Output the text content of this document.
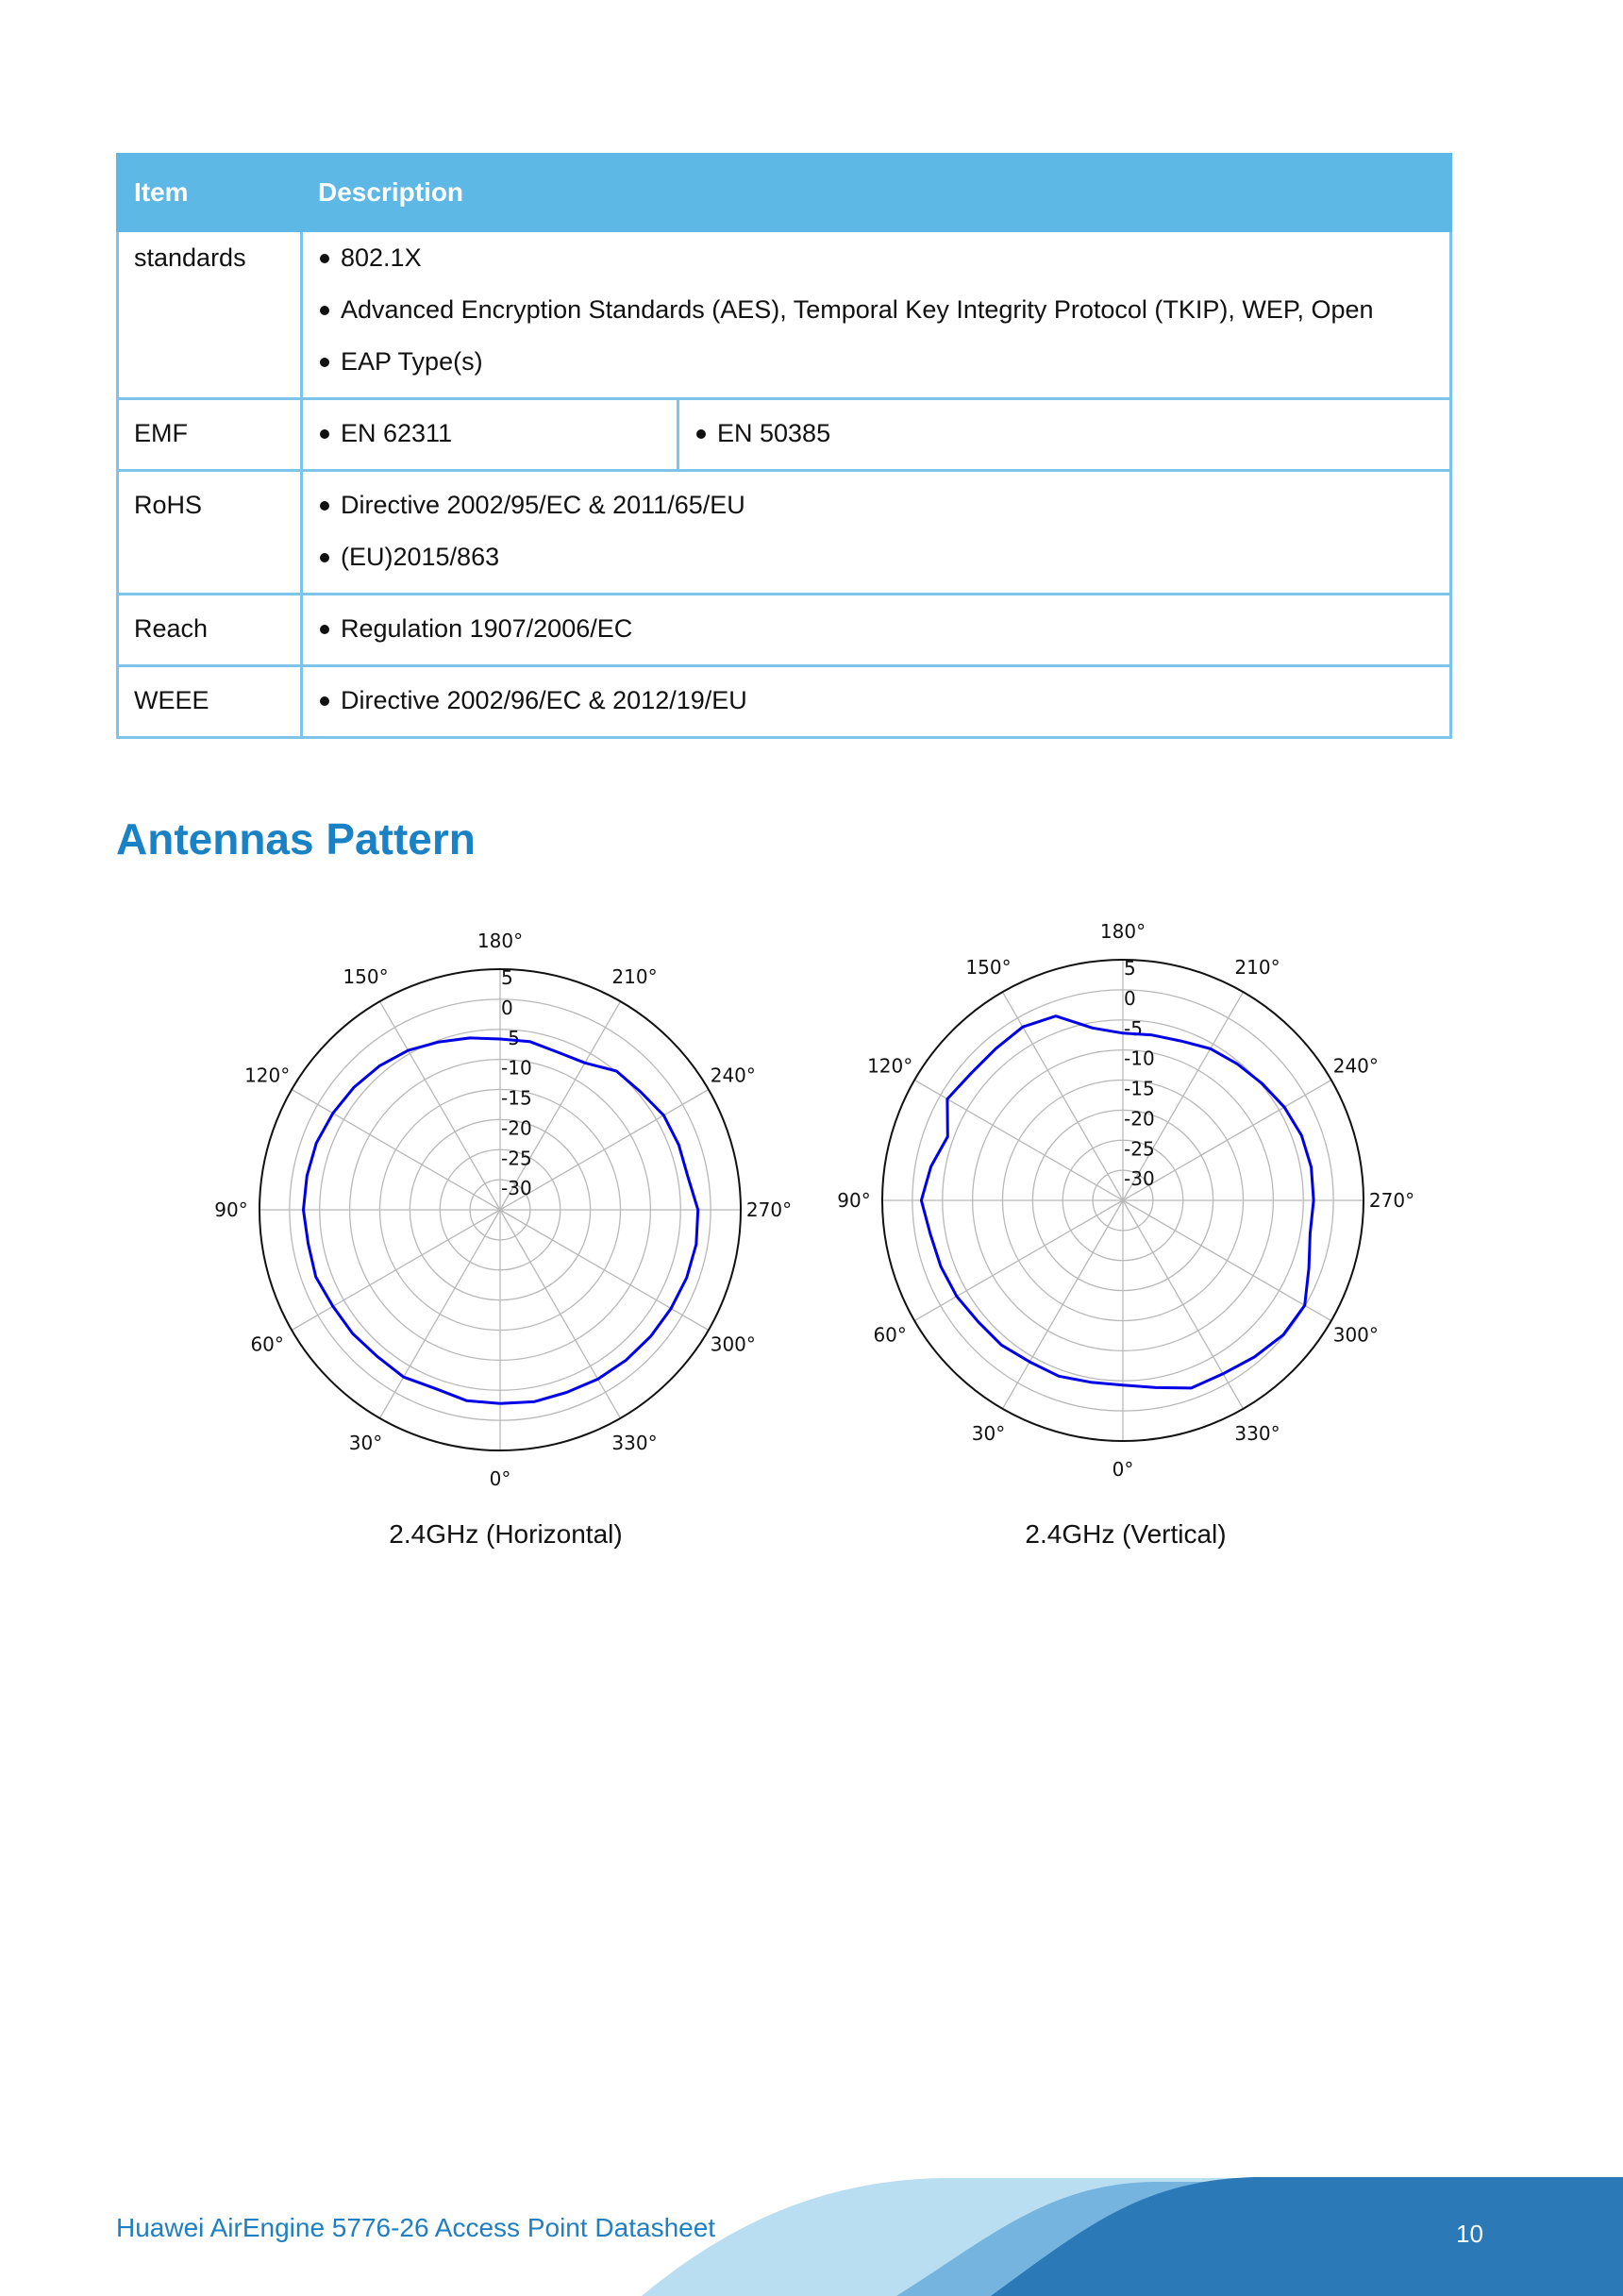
Item	Description	
standards	802.1X
Advanced Encryption Standards (AES), Temporal Key Integrity Protocol (TKIP), WEP, Open
EAP Type(s)	

EMF	EN 62311	EN 50385

RoHS	Directive 2002/95/EC & 2011/65/EU
(EU)2015/863	

Reach	Regulation 1907/2006/EC	

WEEE	Directive 2002/96/EC & 2012/19/EU	
Antennas Pattern
5
0
-5
-10
-15
-20
-25
-30
0°
30°
60°
90°
120°
150°
180°
210°
240°
270°
300°
330°
2.4GHz (Horizontal)
5
0
-5
-10
-15
-20
-25
-30
0°
30°
60°
90°
120°
150°
180°
210°
240°
270°
300°
330°
2.4GHz (Vertical)
Huawei AirEngine 5776-26 Access Point Datasheet	10
